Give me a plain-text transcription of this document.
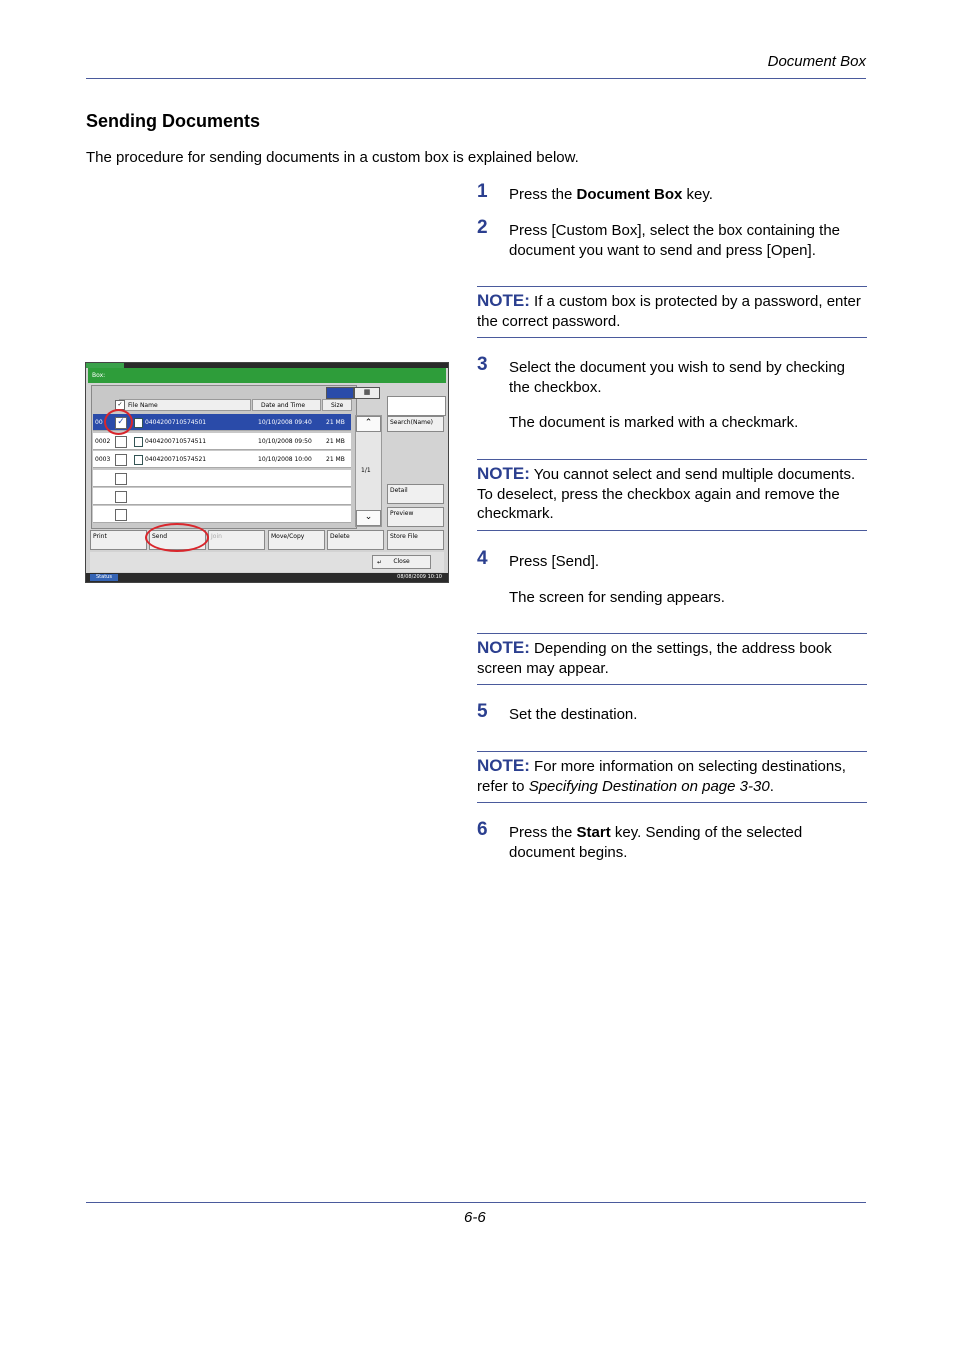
Document Box
Sending Documents
The procedure for sending documents in a custom box is explained below.
1 Press the Document Box key.
2 Press [Custom Box], select the box containing the document you want to send and press [Open].
NOTE: If a custom box is protected by a password, enter the correct password.
3 Select the document you wish to send by checking the checkbox.
The document is marked with a checkmark.
NOTE: You cannot select and send multiple documents. To deselect, press the checkbox again and remove the checkmark.
4 Press [Send].
The screen for sending appears.
NOTE: Depending on the settings, the address book screen may appear.
5 Set the destination.
NOTE: For more information on selecting destinations, refer to Specifying Destination on page 3-30.
6 Press the Start key. Sending of the selected document begins.
Box:
▦
File Name	Date and Time	Size
✓
00 ✓	0404200710574501	10/10/2008 09:40 21 MB
0002	0404200710574511	10/10/2008 09:50 21 MB
0003	0404200710574521	10/10/2008 10:00 21 MB
⌃
1/1
⌄
Search(Name)
Detail
Preview
Print	Send	Join	Move/Copy	Delete	Store File
↵ Close
Status	08/08/2009 10:10
6-6
